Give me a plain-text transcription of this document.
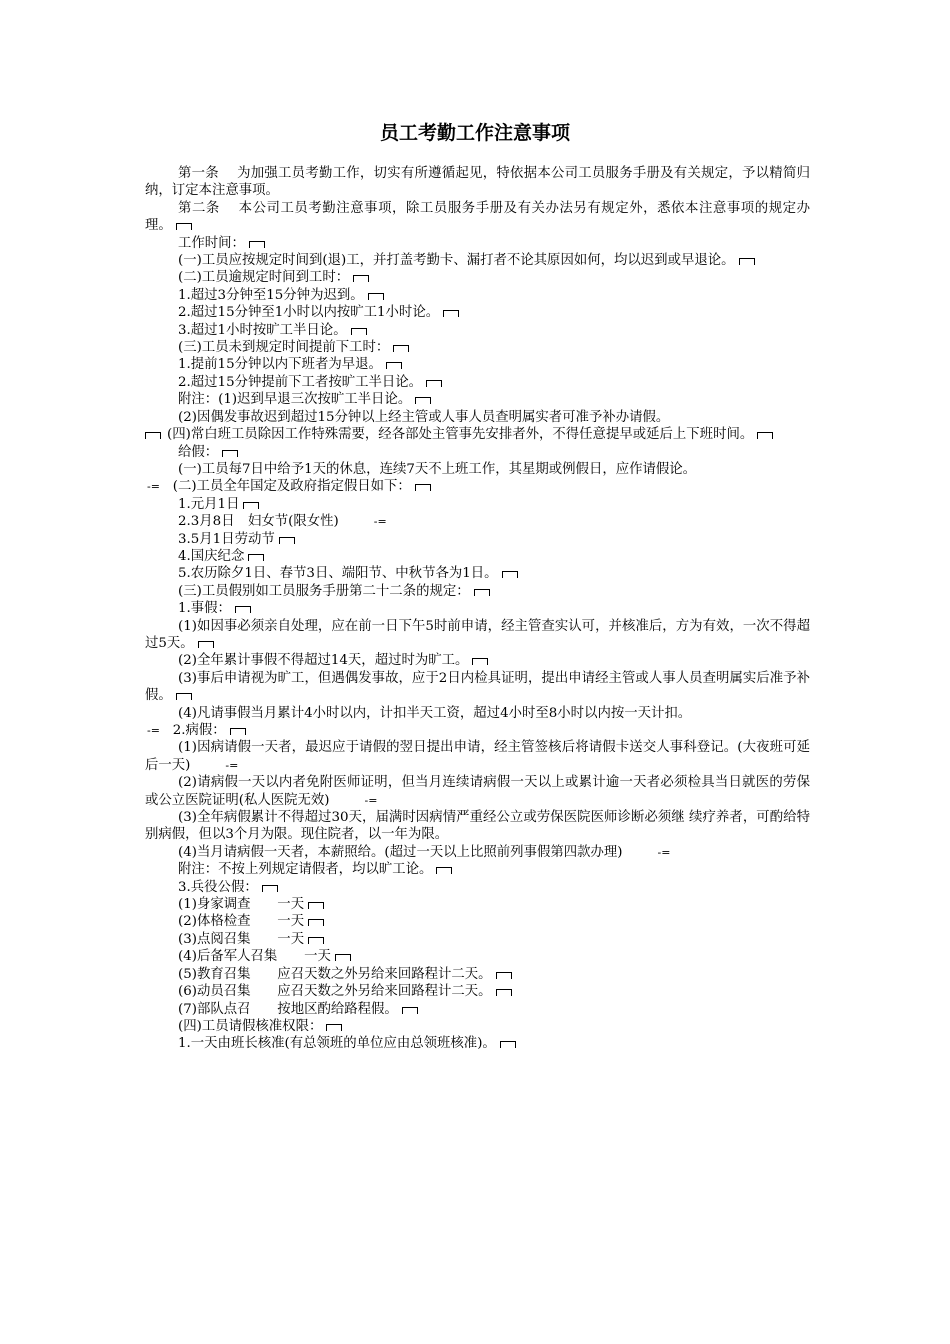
员工考勤工作注意事项

第一条　 为加强工员考勤工作，切实有所遵循起见，特依据本公司工员服务手册及有关规定，予以精简归纳，订定本注意事项。

第二条　 本公司工员考勤注意事项，除工员服务手册及有关办法另有规定外，悉依本注意事项的规定办理。

工作时间：

(一)工员应按规定时间到(退)工，并打盖考勤卡、漏打者不论其原因如何，均以迟到或早退论。

(二)工员逾规定时间到工时：

1.超过3分钟至15分钟为迟到。

2.超过15分钟至1小时以内按旷工1小时论。

3.超过1小时按旷工半日论。

(三)工员未到规定时间提前下工时：

1.提前15分钟以内下班者为早退。

2.超过15分钟提前下工者按旷工半日论。

附注：(1)迟到早退三次按旷工半日论。

(2)因偶发事故迟到超过15分钟以上经主管或人事人员查明属实者可准予补办请假。

(四)常白班工员除因工作特殊需要，经各部处主管事先安排者外，不得任意提早或延后上下班时间。

给假：

(一)工员每7日中给予1天的休息，连续7天不上班工作，其星期或例假日，应作请假论。

-= (二)工员全年国定及政府指定假日如下：

1.元月1日

2.3月8日　妇女节(限女性)	-=

3.5月1日劳动节

4.国庆纪念

5.农历除夕1日、春节3日、端阳节、中秋节各为1日。

(三)工员假别如工员服务手册第二十二条的规定：

1.事假：

(1)如因事必须亲自处理，应在前一日下午5时前申请，经主管查实认可，并核准后，方为有效，一次不得超过5天。

(2)全年累计事假不得超过14天，超过时为旷工。

(3)事后申请视为旷工，但遇偶发事故，应于2日内检具证明，提出申请经主管或人事人员查明属实后准予补假。

(4)凡请事假当月累计4小时以内，计扣半天工资，超过4小时至8小时以内按一天计扣。

-= 2.病假：

(1)因病请假一天者，最迟应于请假的翌日提出申请，经主管签核后将请假卡送交人事科登记。(大夜班可延后一天)	-=

(2)请病假一天以内者免附医师证明，但当月连续请病假一天以上或累计逾一天者必须检具当日就医的劳保或公立医院证明(私人医院无效)	-=

(3)全年病假累计不得超过30天，届满时因病情严重经公立或劳保医院医师诊断必须继 续疗养者，可酌给特别病假，但以3个月为限。现住院者，以一年为限。

(4)当月请病假一天者，本薪照给。(超过一天以上比照前列事假第四款办理)	-=

附注：不按上列规定请假者，均以旷工论。

3.兵役公假：

(1)身家调查　　一天

(2)体格检查　　一天

(3)点阅召集　　一天

(4)后备军人召集　　一天

(5)教育召集　　应召天数之外另给来回路程计二天。

(6)动员召集　　应召天数之外另给来回路程计二天。

(7)部队点召　　按地区酌给路程假。

(四)工员请假核准权限：

1.一天由班长核准(有总领班的单位应由总领班核准)。
